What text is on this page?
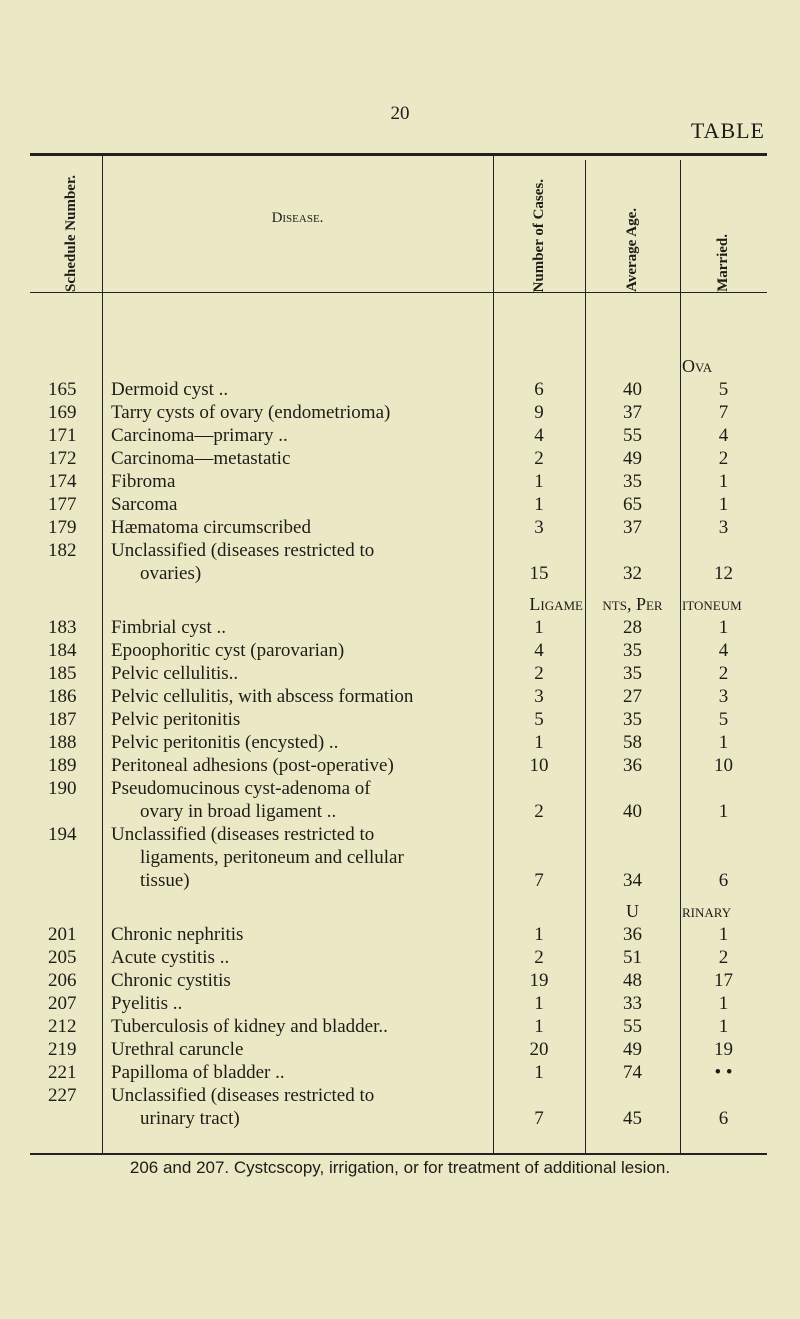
20
TABLE
Schedule Number.	Disease.	Number of Cases.	Average Age.	Married.
Ova
165	Dermoid cyst ..	6	40	5
169	Tarry cysts of ovary (endometrioma)	9	37	7
171	Carcinoma—primary ..	4	55	4
172	Carcinoma—metastatic	2	49	2
174	Fibroma	1	35	1
177	Sarcoma	1	65	1
179	Hæmatoma circumscribed	3	37	3
182	Unclassified (diseases restricted to
ovaries)	15	32	12
Ligame	nts, Per	itoneum
183	Fimbrial cyst ..	1	28	1
184	Epoophoritic cyst (parovarian)	4	35	4
185	Pelvic cellulitis..	2	35	2
186	Pelvic cellulitis, with abscess formation	3	27	3
187	Pelvic peritonitis	5	35	5
188	Pelvic peritonitis (encysted) ..	1	58	1
189	Peritoneal adhesions (post-operative)	10	36	10
190	Pseudomucinous cyst-adenoma of
ovary in broad ligament ..	2	40	1
194	Unclassified (diseases restricted to
ligaments, peritoneum and cellular
tissue)	7	34	6
U	rinary
201	Chronic nephritis	1	36	1
205	Acute cystitis ..	2	51	2
206	Chronic cystitis	19	48	17
207	Pyelitis ..	1	33	1
212	Tuberculosis of kidney and bladder..	1	55	1
219	Urethral caruncle	20	49	19
221	Papilloma of bladder ..	1	74	• •
227	Unclassified (diseases restricted to
urinary tract)	7	45	6
206 and 207. Cystcscopy, irrigation, or for treatment of additional lesion.
